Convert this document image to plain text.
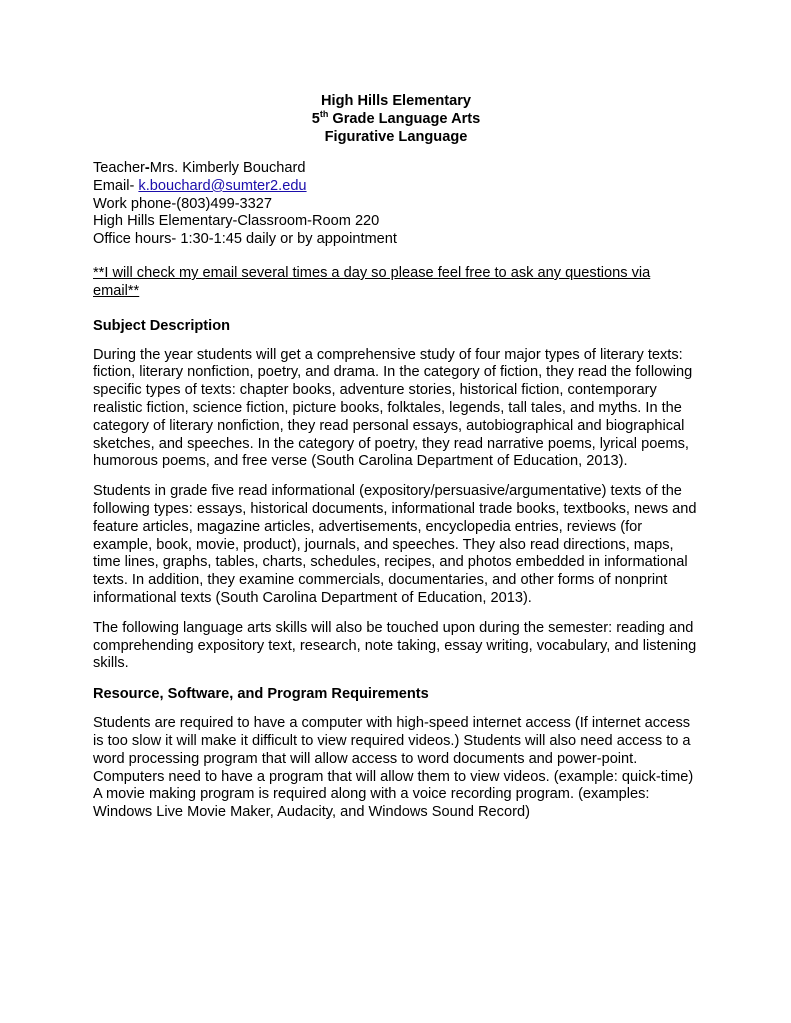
High Hills Elementary
5th Grade Language Arts
Figurative Language
Teacher-Mrs. Kimberly Bouchard
Email- k.bouchard@sumter2.edu
Work phone-(803)499-3327
High Hills Elementary-Classroom-Room 220
Office hours- 1:30-1:45 daily or by appointment
**I will check my email several times a day so please feel free to ask any questions via email**
Subject Description

During the year students will get a comprehensive study of four major types of literary texts: fiction, literary nonfiction, poetry, and drama. In the category of fiction, they read the following specific types of texts: chapter books, adventure stories, historical fiction, contemporary realistic fiction, science fiction, picture books, folktales, legends, tall tales, and myths. In the category of literary nonfiction, they read personal essays, autobiographical and biographical sketches, and speeches. In the category of poetry, they read narrative poems, lyrical poems, humorous poems, and free verse (South Carolina Department of Education, 2013).

Students in grade five read informational (expository/persuasive/argumentative) texts of the following types: essays, historical documents, informational trade books, textbooks, news and feature articles, magazine articles, advertisements, encyclopedia entries, reviews (for example, book, movie, product), journals, and speeches. They also read directions, maps, time lines, graphs, tables, charts, schedules, recipes, and photos embedded in informational texts. In addition, they examine commercials, documentaries, and other forms of nonprint informational texts (South Carolina Department of Education, 2013).

The following language arts skills will also be touched upon during the semester: reading and comprehending expository text, research, note taking, essay writing, vocabulary, and listening skills.

Resource, Software, and Program Requirements

Students are required to have a computer with high-speed internet access (If internet access is too slow it will make it difficult to view required videos.) Students will also need access to a word processing program that will allow access to word documents and power-point. Computers need to have a program that will allow them to view videos. (example: quick-time) A movie making program is required along with a voice recording program. (examples: Windows Live Movie Maker, Audacity, and Windows Sound Record)
